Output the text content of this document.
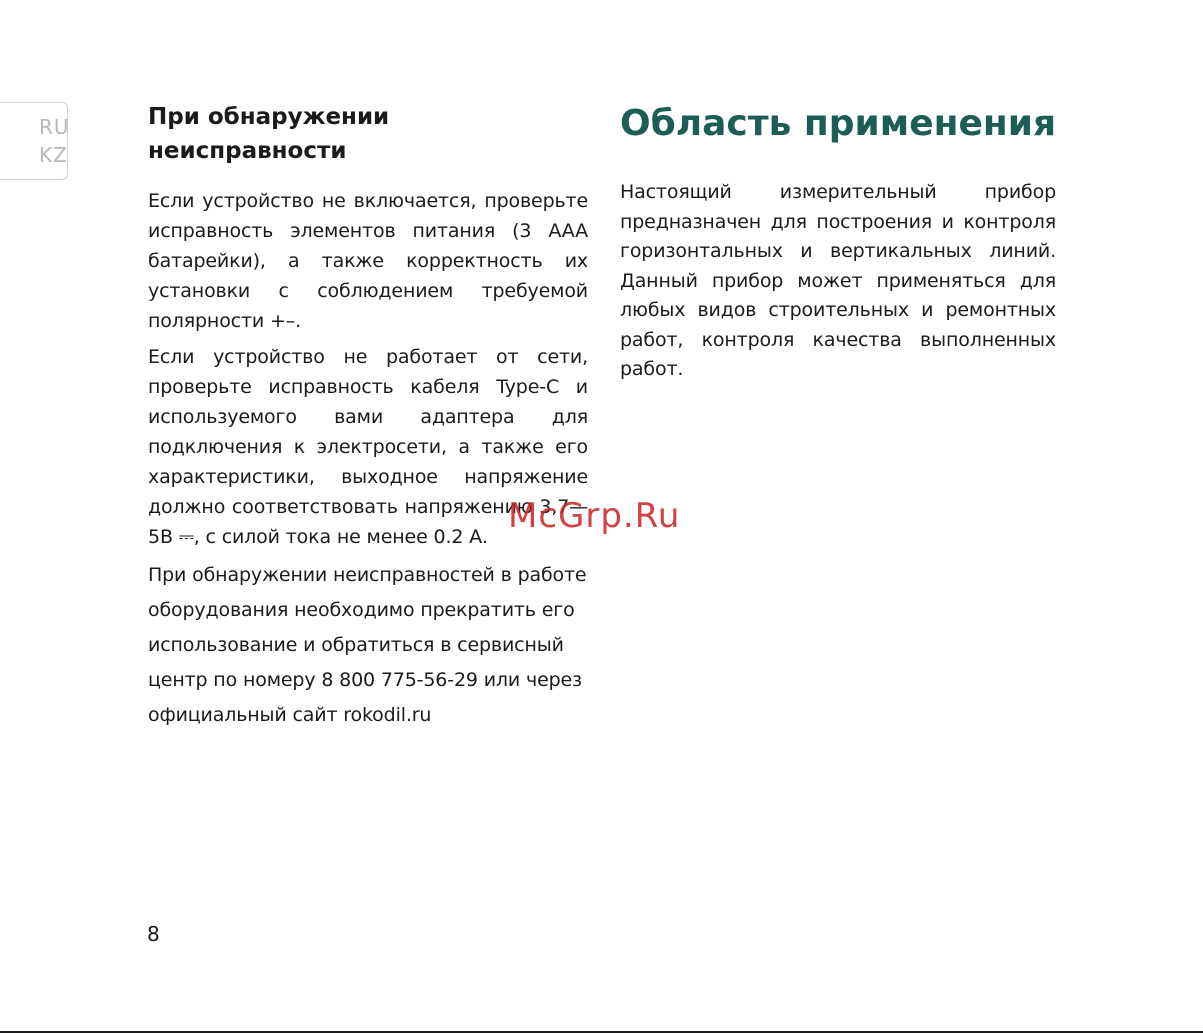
RU
KZ
При обнаружении неисправности

Если устройство не включается, проверьте исправность элементов питания (3 AAA батарейки), а также корректность их установки с соблюдением требуемой полярности +–.

Если устройство не работает от сети, проверьте исправность кабеля Type-C и используемого вами адаптера для подключения к электросети, а также его характеристики, выходное напряжение должно соответствовать напряжению 3,7—5В ⎓, с силой тока не менее 0.2 А.

При обнаружении неисправностей в работе оборудования необходимо прекратить его использование и обратиться в сервисный центр по номеру 8 800 775-56-29 или через официальный сайт rokodil.ru

Область применения

Настоящий измерительный прибор предназначен для построения и контроля горизонтальных и вертикальных линий. Данный прибор может применяться для любых видов строительных и ремонтных работ, контроля качества выполненных работ.

McGrp.Ru
8
